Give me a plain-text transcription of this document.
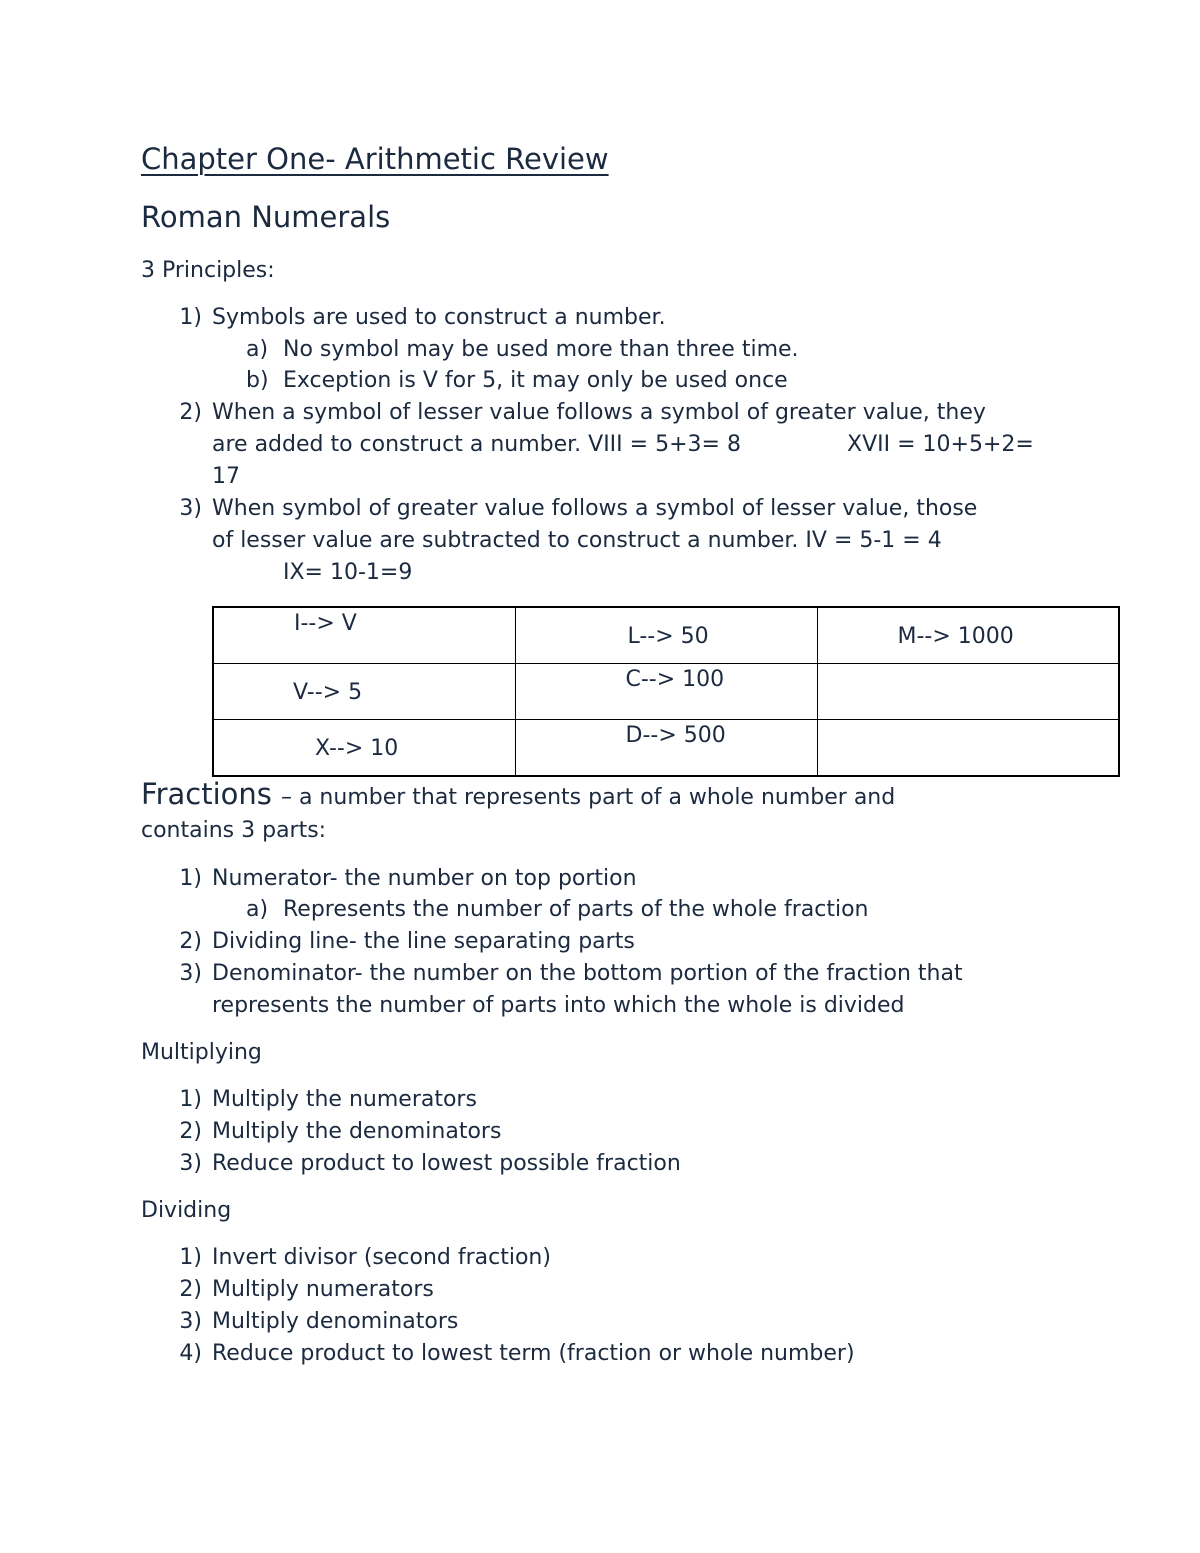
Chapter One- Arithmetic Review
Roman Numerals
3 Principles:
1) Symbols are used to construct a number.
a) No symbol may be used more than three time.
b) Exception is V for 5, it may only be used once
2) When a symbol of lesser value follows a symbol of greater value, they
are added to construct a number. VIII = 5+3= 8	XVII = 10+5+2=
17
3) When symbol of greater value follows a symbol of lesser value, those
of lesser value are subtracted to construct a number. IV = 5-1 = 4
IX= 10-1=9
I--> V	L--> 50	M--> 1000

V--> 5	C--> 100	

X--> 10	D--> 500	

Fractions – a number that represents part of a whole number and
contains 3 parts:
1) Numerator- the number on top portion
a) Represents the number of parts of the whole fraction
2) Dividing line- the line separating parts
3) Denominator- the number on the bottom portion of the fraction that
represents the number of parts into which the whole is divided
Multiplying
1) Multiply the numerators
2) Multiply the denominators
3) Reduce product to lowest possible fraction
Dividing
1) Invert divisor (second fraction)
2) Multiply numerators
3) Multiply denominators
4) Reduce product to lowest term (fraction or whole number)
